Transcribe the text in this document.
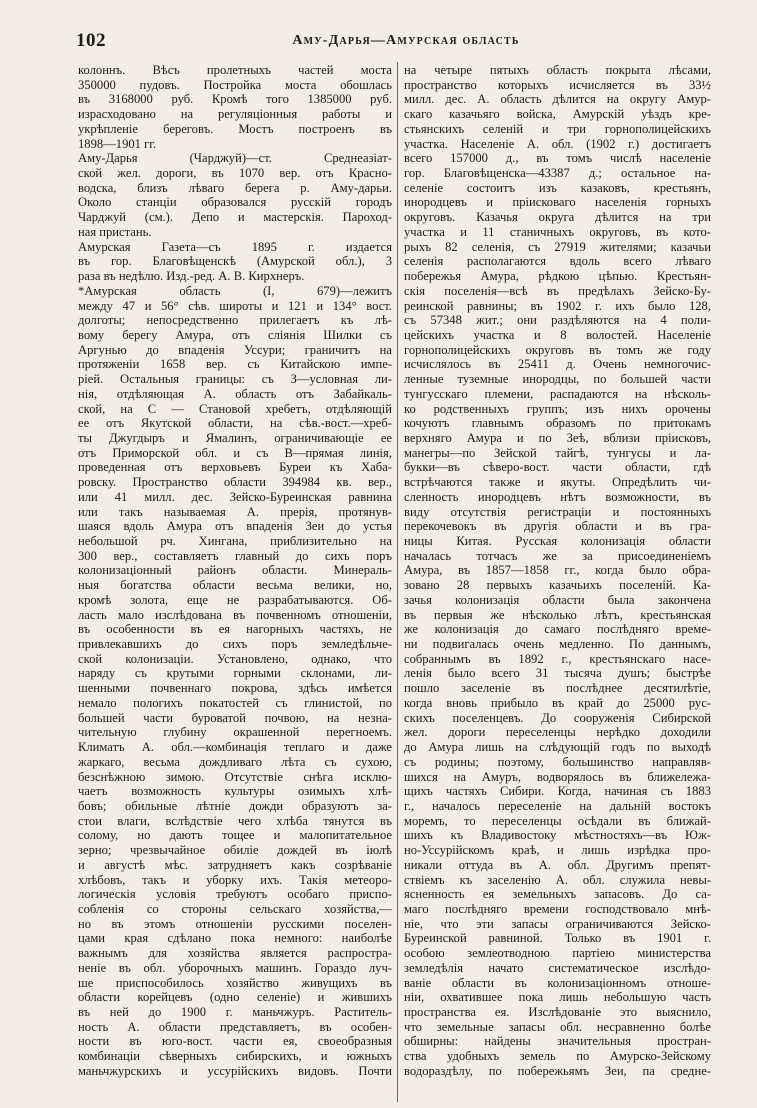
102	Аму-Дарья—Амурская область
колоннъ. Вѣсъ пролетныхъ частей моста
350000 пудовъ. Постройка моста обошлась
въ 3168000 руб. Кромѣ того 1385000 руб.
израсходовано на регуляціонныя работы и
укрѣпленіе береговъ. Мостъ построенъ въ
1898—1901 гг.
Аму-Дарья (Чарджуй)—ст. Среднеазіат-
ской жел. дороги, въ 1070 вер. отъ Красно-
водска, близъ лѣваго берега р. Аму-дарьи.
Около станціи образовался русскій городъ
Чарджуй (см.). Депо и мастерскія. Пароход-
ная пристань.
Амурская Газета—съ 1895 г. издается
въ гор. Благовѣщенскѣ (Амурской обл.), 3
раза въ недѣлю. Изд.-ред. А. В. Кирхнеръ.
*Амурская область (I, 679)—лежитъ
между 47 и 56° сѣв. широты и 121 и 134° вост.
долготы; непосредственно прилегаетъ къ лѣ-
вому берегу Амура, отъ сліянія Шилки съ
Аргунью до впаденія Уссури; граничитъ на
протяженіи 1658 вер. съ Китайскою импе-
ріей. Остальныя границы: съ З—условная ли-
нія, отдѣляющая А. область отъ Забайкаль-
ской, на С — Становой хребетъ, отдѣляющій
ее отъ Якутской области, на сѣв.-вост.—хреб-
ты Джугдыръ и Ямалинъ, ограничивающіе ее
отъ Приморской обл. и съ В—прямая линія,
проведенная отъ верховьевъ Буреи къ Хаба-
ровску. Пространство области 394984 кв. вер.,
или 41 милл. дес. Зейско-Буреинская равнина
или такъ называемая А. прерія, протянув-
шаяся вдоль Амура отъ впаденія Зеи до устья
небольшой рч. Хингана, приблизительно на
300 вер., составляетъ главный до сихъ поръ
колонизаціонный районъ области. Минераль-
ныя богатства области весьма велики, но,
кромѣ золота, еще не разрабатываются. Об-
ласть мало изслѣдована въ почвенномъ отношеніи,
въ особенности въ ея нагорныхъ частяхъ, не
привлекавшихъ до сихъ поръ земледѣльче-
ской колонизаціи. Установлено, однако, что
наряду съ крутыми горными склонами, ли-
шенными почвеннаго покрова, здѣсь имѣется
немало пологихъ покатостей съ глинистой, по
большей части буроватой почвою, на незна-
чительную глубину окрашенной перегноемъ.
Климатъ А. обл.—комбинація теплаго и даже
жаркаго, весьма дождливаго лѣта съ сухою,
безснѣжною зимою. Отсутствіе снѣга исклю-
чаетъ возможность культуры озимыхъ хлѣ-
бовъ; обильные лѣтніе дожди образуютъ за-
стои влаги, вслѣдствіе чего хлѣба тянутся въ
солому, но даютъ тощее и малопитательное
зерно; чрезвычайное обиліе дождей въ іюлѣ
и августѣ мѣс. затрудняетъ какъ созрѣваніе
хлѣбовъ, такъ и уборку ихъ. Такія метеоро-
логическія условія требуютъ особаго приспо-
собленія со стороны сельскаго хозяйства,—
но въ этомъ отношеніи русскими поселен-
цами края сдѣлано пока немного: наиболѣе
важнымъ для хозяйства является распростра-
неніе въ обл. уборочныхъ машинъ. Гораздо луч-
ше приспособилось хозяйство живущихъ въ
области корейцевъ (одно селеніе) и жившихъ
въ ней до 1900 г. маньчжуръ. Раститель-
ность А. области представляетъ, въ особен-
ности въ юго-вост. части ея, своеобразныя
комбинаціи сѣверныхъ сибирскихъ, и южныхъ
маньчжурскихъ и уссурійскихъ видовъ. Почти
на четыре пятыхъ область покрыта лѣсами,
пространство которыхъ исчисляется въ 33½
милл. дес. А. область дѣлится на округу Амур-
скаго казачьяго войска, Амурскій уѣздъ кре-
стьянскихъ селеній и три горнополицейскихъ
участка. Населеніе А. обл. (1902 г.) достигаетъ
всего 157000 д., въ томъ числѣ населеніе
гор. Благовѣщенска—43387 д.; остальное на-
селеніе состоитъ изъ казаковъ, крестьянъ,
инородцевъ и пріисковаго населенія горныхъ
округовъ. Казачья округа дѣлится на три
участка и 11 станичныхъ округовъ, въ кото-
рыхъ 82 селенія, съ 27919 жителями; казачьи
селенія располагаются вдоль всего лѣваго
побережья Амура, рѣдкою цѣпью. Крестьян-
скія поселенія—всѣ въ предѣлахъ Зейско-Бу-
реинской равнины; въ 1902 г. ихъ было 128,
съ 57348 жит.; они раздѣляются на 4 поли-
цейскихъ участка и 8 волостей. Населеніе
горнополицейскихъ округовъ въ томъ же году
исчислялось въ 25411 д. Очень немногочис-
ленные туземные инородцы, по большей части
тунгусскаго племени, распадаются на нѣсколь-
ко родственныхъ группъ; изъ нихъ орочены
кочуютъ главнымъ образомъ по притокамъ
верхняго Амура и по Зеѣ, вблизи пріисковъ,
манегры—по Зейской тайгѣ, тунгусы и ла-
букки—въ сѣверо-вост. части области, гдѣ
встрѣчаются также и якуты. Опредѣлить чи-
сленность инородцевъ нѣтъ возможности, въ
виду отсутствія регистраціи и постоянныхъ
перекочевокъ въ другія области и въ гра-
ницы Китая. Русская колонизація области
началась тотчасъ же за присоединеніемъ
Амура, въ 1857—1858 гг., когда было обра-
зовано 28 первыхъ казачьихъ поселеній. Ка-
зачья колонизація области была закончена
въ первыя же нѣсколько лѣтъ, крестьянская
же колонизація до самаго послѣдняго време-
ни подвигалась очень медленно. По даннымъ,
собраннымъ въ 1892 г., крестьянскаго насе-
ленія было всего 31 тысяча душъ; быстрѣе
пошло заселеніе въ послѣднее десятилѣтіе,
когда вновь прибыло въ край до 25000 рус-
скихъ поселенцевъ. До сооруженія Сибирской
жел. дороги переселенцы нерѣдко доходили
до Амура лишь на слѣдующій годъ по выходѣ
съ родины; поэтому, большинство направляв-
шихся на Амуръ, водворялось въ ближележа-
щихъ частяхъ Сибири. Когда, начиная съ 1883
г., началось переселеніе на дальній востокъ
моремъ, то переселенцы осѣдали въ ближай-
шихъ къ Владивостоку мѣстностяхъ—въ Юж-
но-Уссурійскомъ краѣ, и лишь изрѣдка про-
никали оттуда въ А. обл. Другимъ препят-
ствіемъ къ заселенію А. обл. служила невы-
ясненность ея земельныхъ запасовъ. До са-
маго послѣдняго времени господствовало мнѣ-
ніе, что эти запасы ограничиваются Зейско-
Буреинской равниной. Только въ 1901 г.
особою землеотводною партіею министерства
земледѣлія начато систематическое изслѣдо-
ваніе области въ колонизаціонномъ отноше-
ніи, охватившее пока лишь небольшую часть
пространства ея. Изслѣдованіе это выяснило,
что земельные запасы обл. несравненно болѣе
обширны: найдены значительныя простран-
ства удобныхъ земель по Амурско-Зейскому
водораздѣлу, по побережьямъ Зеи, па средне-
